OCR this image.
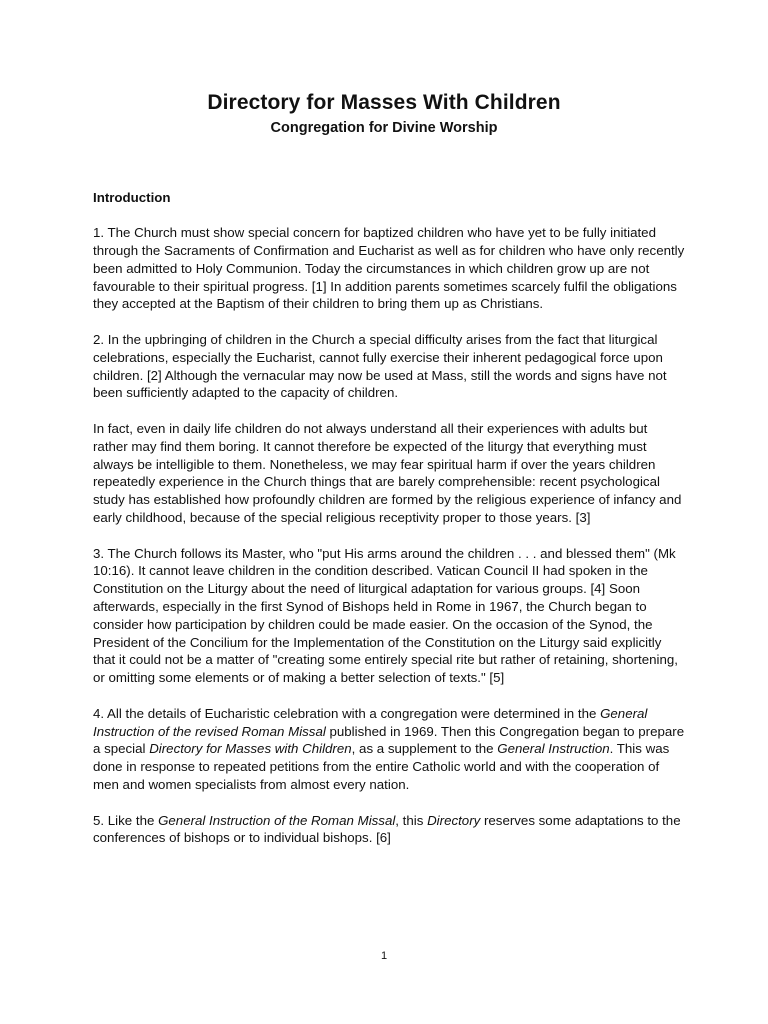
Directory for Masses With Children
Congregation for Divine Worship
Introduction

1. The Church must show special concern for baptized children who have yet to be fully initiated through the Sacraments of Confirmation and Eucharist as well as for children who have only recently been admitted to Holy Communion. Today the circumstances in which children grow up are not favourable to their spiritual progress. [1] In addition parents sometimes scarcely fulfil the obligations they accepted at the Baptism of their children to bring them up as Christians.

2. In the upbringing of children in the Church a special difficulty arises from the fact that liturgical celebrations, especially the Eucharist, cannot fully exercise their inherent pedagogical force upon children. [2] Although the vernacular may now be used at Mass, still the words and signs have not been sufficiently adapted to the capacity of children.

In fact, even in daily life children do not always understand all their experiences with adults but rather may find them boring. It cannot therefore be expected of the liturgy that everything must always be intelligible to them. Nonetheless, we may fear spiritual harm if over the years children repeatedly experience in the Church things that are barely comprehensible: recent psychological study has established how profoundly children are formed by the religious experience of infancy and early childhood, because of the special religious receptivity proper to those years. [3]

3. The Church follows its Master, who "put His arms around the children . . . and blessed them" (Mk 10:16). It cannot leave children in the condition described. Vatican Council II had spoken in the Constitution on the Liturgy about the need of liturgical adaptation for various groups. [4] Soon afterwards, especially in the first Synod of Bishops held in Rome in 1967, the Church began to consider how participation by children could be made easier. On the occasion of the Synod, the President of the Concilium for the Implementation of the Constitution on the Liturgy said explicitly that it could not be a matter of "creating some entirely special rite but rather of retaining, shortening, or omitting some elements or of making a better selection of texts." [5]

4. All the details of Eucharistic celebration with a congregation were determined in the General Instruction of the revised Roman Missal published in 1969. Then this Congregation began to prepare a special Directory for Masses with Children, as a supplement to the General Instruction. This was done in response to repeated petitions from the entire Catholic world and with the cooperation of men and women specialists from almost every nation.

5. Like the General Instruction of the Roman Missal, this Directory reserves some adaptations to the conferences of bishops or to individual bishops. [6]

1
